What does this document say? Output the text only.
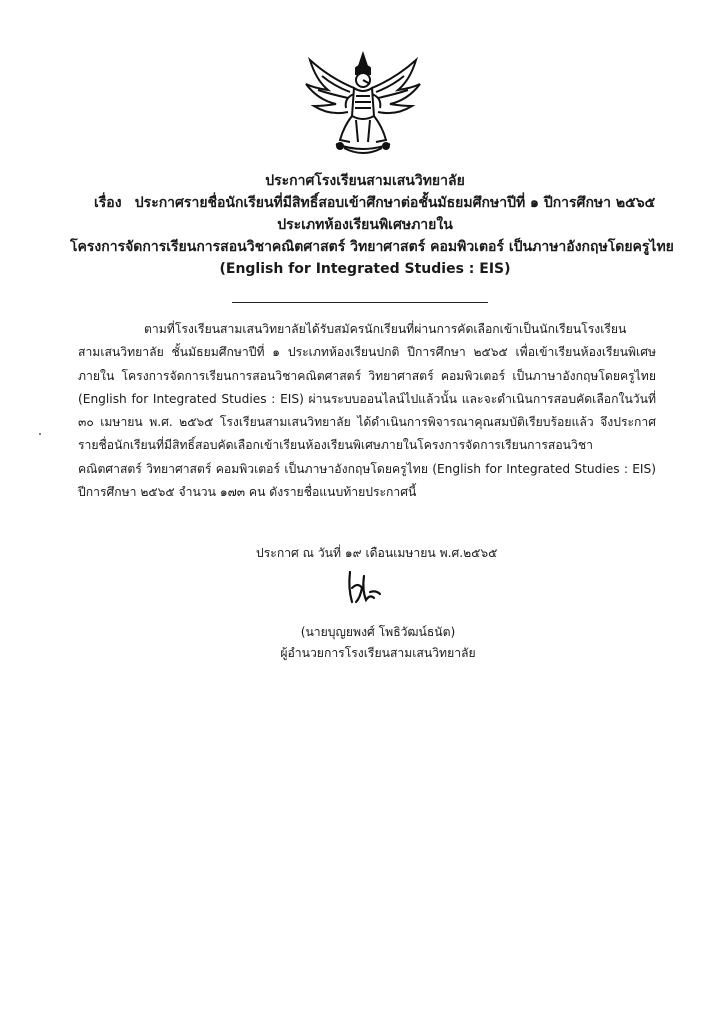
ประกาศโรงเรียนสามเสนวิทยาลัย
เรื่อง ประกาศรายชื่อนักเรียนที่มีสิทธิ์สอบเข้าศึกษาต่อชั้นมัธยมศึกษาปีที่ ๑ ปีการศึกษา ๒๕๖๕
ประเภทห้องเรียนพิเศษภายใน
โครงการจัดการเรียนการสอนวิชาคณิตศาสตร์ วิทยาศาสตร์ คอมพิวเตอร์ เป็นภาษาอังกฤษโดยครูไทย
(English for Integrated Studies : EIS)

ตามที่โรงเรียนสามเสนวิทยาลัยได้รับสมัครนักเรียนที่ผ่านการคัดเลือกเข้าเป็นนักเรียนโรงเรียนสามเสนวิทยาลัย ชั้นมัธยมศึกษาปีที่ ๑ ประเภทห้องเรียนปกติ ปีการศึกษา ๒๕๖๕ เพื่อเข้าเรียนห้องเรียนพิเศษภายใน โครงการจัดการเรียนการสอนวิชาคณิตศาสตร์ วิทยาศาสตร์ คอมพิวเตอร์ เป็นภาษาอังกฤษโดยครูไทย (English for Integrated Studies : EIS) ผ่านระบบออนไลน์ไปแล้วนั้น และจะดำเนินการสอบคัดเลือกในวันที่ ๓๐ เมษายน พ.ศ. ๒๕๖๕ โรงเรียนสามเสนวิทยาลัย ได้ดำเนินการพิจารณาคุณสมบัติเรียบร้อยแล้ว จึงประกาศรายชื่อนักเรียนที่มีสิทธิ์สอบคัดเลือกเข้าเรียนห้องเรียนพิเศษภายในโครงการจัดการเรียนการสอนวิชาคณิตศาสตร์ วิทยาศาสตร์ คอมพิวเตอร์ เป็นภาษาอังกฤษโดยครูไทย (English for Integrated Studies : EIS) ปีการศึกษา ๒๕๖๕ จำนวน ๑๗๓ คน ดังรายชื่อแนบท้ายประกาศนี้

ประกาศ ณ วันที่ ๑๙ เดือนเมษายน พ.ศ.๒๕๖๕
(นายบุญยพงศ์ โพธิวัฒน์ธนัต)
ผู้อำนวยการโรงเรียนสามเสนวิทยาลัย
